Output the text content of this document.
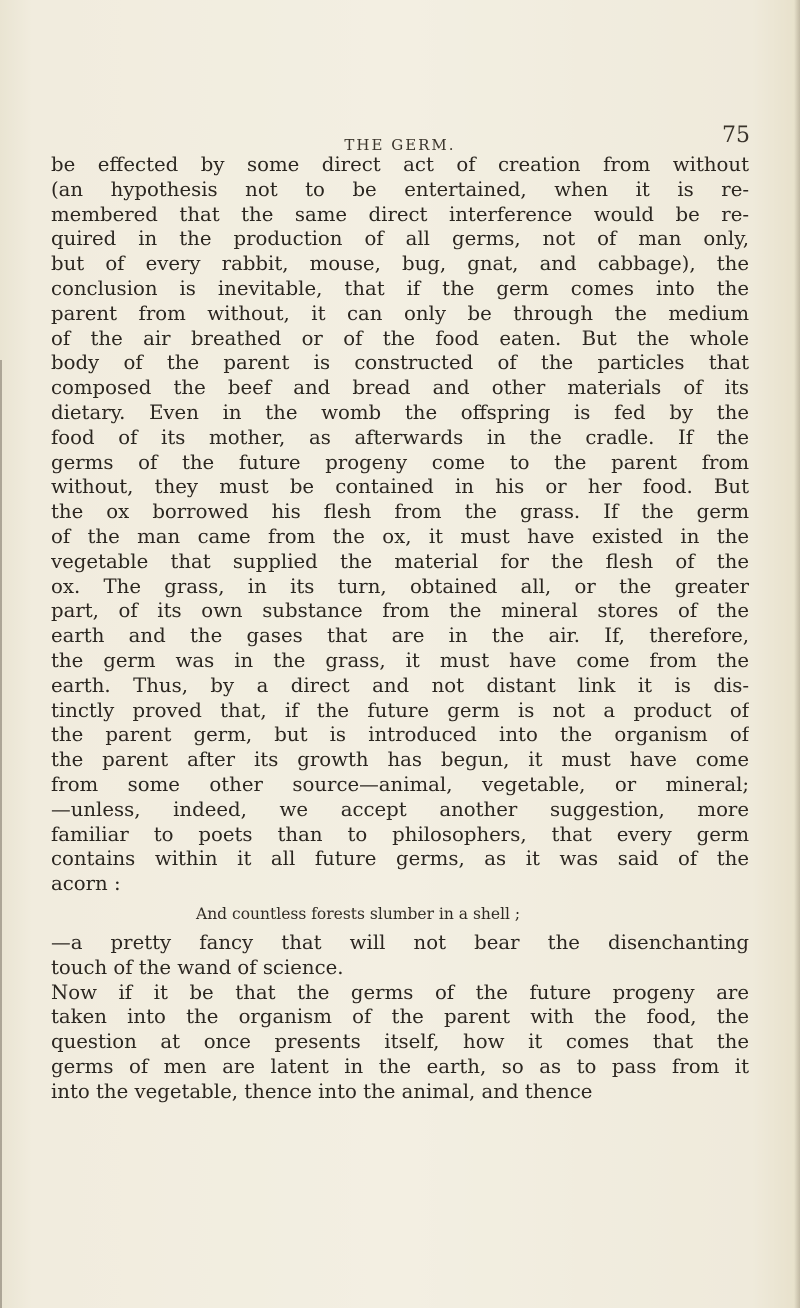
THE GERM.	75
be effected by some direct act of creation from without
(an hypothesis not to be entertained, when it is re-
membered that the same direct interference would be re-
quired in the production of all germs, not of man only,
but of every rabbit, mouse, bug, gnat, and cabbage), the
conclusion is inevitable, that if the germ comes into the
parent from without, it can only be through the medium
of the air breathed or of the food eaten. But the whole
body of the parent is constructed of the particles that
composed the beef and bread and other materials of its
dietary. Even in the womb the offspring is fed by the
food of its mother, as afterwards in the cradle. If the
germs of the future progeny come to the parent from
without, they must be contained in his or her food. But
the ox borrowed his flesh from the grass. If the germ
of the man came from the ox, it must have existed in the
vegetable that supplied the material for the flesh of the
ox. The grass, in its turn, obtained all, or the greater
part, of its own substance from the mineral stores of the
earth and the gases that are in the air. If, therefore,
the germ was in the grass, it must have come from the
earth. Thus, by a direct and not distant link it is dis-
tinctly proved that, if the future germ is not a product of
the parent germ, but is introduced into the organism of
the parent after its growth has begun, it must have come
from some other source—animal, vegetable, or mineral;
—unless, indeed, we accept another suggestion, more
familiar to poets than to philosophers, that every germ
contains within it all future germs, as it was said of the
acorn :
And countless forests slumber in a shell ;
—a pretty fancy that will not bear the disenchanting
touch of the wand of science.
Now if it be that the germs of the future progeny are
taken into the organism of the parent with the food, the
question at once presents itself, how it comes that the
germs of men are latent in the earth, so as to pass from it
into the vegetable, thence into the animal, and thence
